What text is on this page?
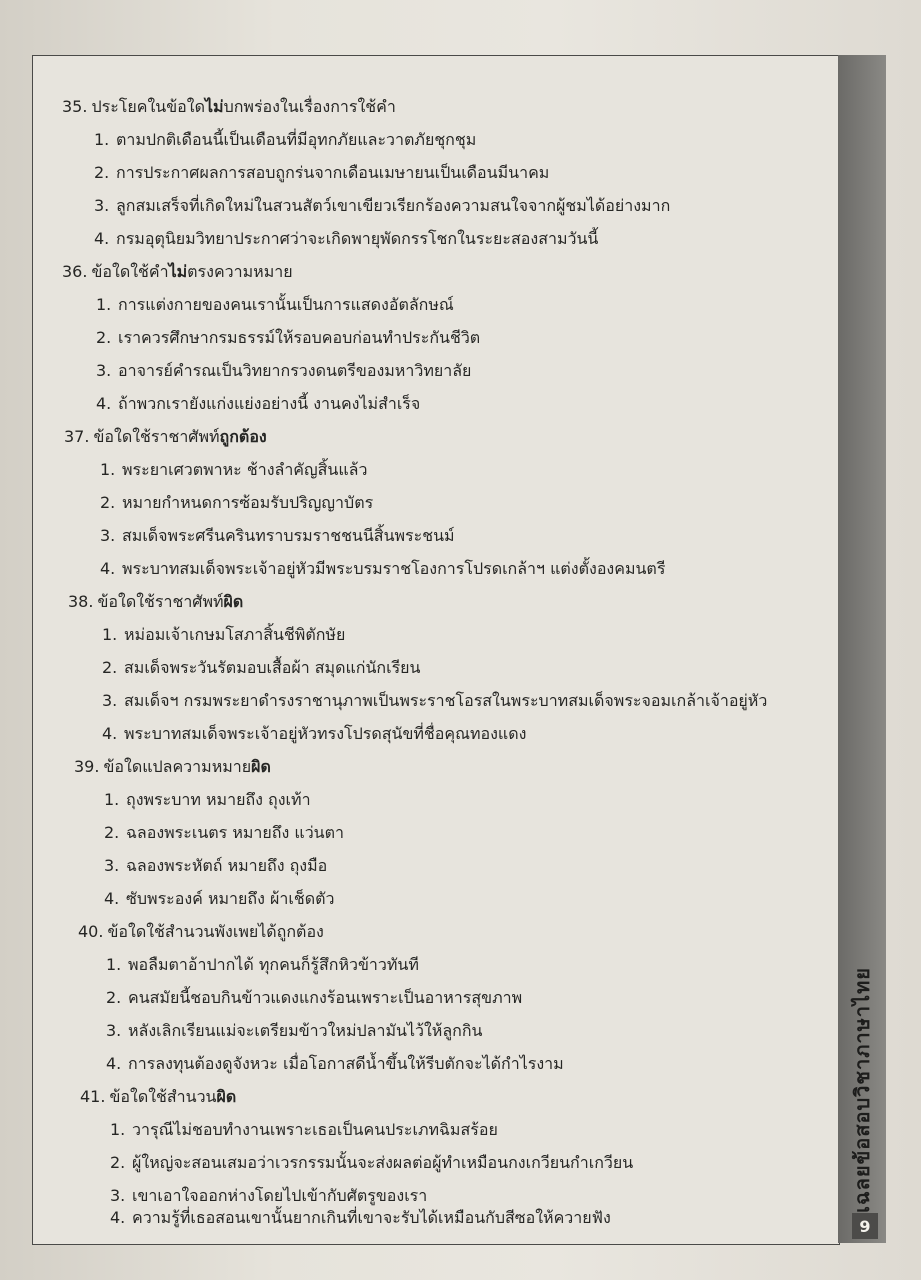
เฉลยข้อสอบวิชาภาษาไทย
9
35. ประโยคในข้อใดไม่บกพร่องในเรื่องการใช้คำ
1. ตามปกติเดือนนี้เป็นเดือนที่มีอุทกภัยและวาตภัยชุกชุม
2. การประกาศผลการสอบถูกร่นจากเดือนเมษายนเป็นเดือนมีนาคม
3. ลูกสมเสร็จที่เกิดใหม่ในสวนสัตว์เขาเขียวเรียกร้องความสนใจจากผู้ชมได้อย่างมาก
4. กรมอุตุนิยมวิทยาประกาศว่าจะเกิดพายุพัดกรรโชกในระยะสองสามวันนี้
36. ข้อใดใช้คำไม่ตรงความหมาย
1. การแต่งกายของคนเรานั้นเป็นการแสดงอัตลักษณ์
2. เราควรศึกษากรมธรรม์ให้รอบคอบก่อนทำประกันชีวิต
3. อาจารย์คำรณเป็นวิทยากรวงดนตรีของมหาวิทยาลัย
4. ถ้าพวกเรายังแก่งแย่งอย่างนี้ งานคงไม่สำเร็จ
37. ข้อใดใช้ราชาศัพท์ถูกต้อง
1. พระยาเศวตพาหะ ช้างลำคัญสิ้นแล้ว
2. หมายกำหนดการซ้อมรับปริญญาบัตร
3. สมเด็จพระศรีนครินทราบรมราชชนนีสิ้นพระชนม์
4. พระบาทสมเด็จพระเจ้าอยู่หัวมีพระบรมราชโองการโปรดเกล้าฯ แต่งตั้งองคมนตรี
38. ข้อใดใช้ราชาศัพท์ผิด
1. หม่อมเจ้าเกษมโสภาสิ้นชีพิตักษัย
2. สมเด็จพระวันรัตมอบเสื้อผ้า สมุดแก่นักเรียน
3. สมเด็จฯ กรมพระยาดำรงราชานุภาพเป็นพระราชโอรสในพระบาทสมเด็จพระจอมเกล้าเจ้าอยู่หัว
4. พระบาทสมเด็จพระเจ้าอยู่หัวทรงโปรดสุนัขที่ชื่อคุณทองแดง
39. ข้อใดแปลความหมายผิด
1. ถุงพระบาท หมายถึง ถุงเท้า
2. ฉลองพระเนตร หมายถึง แว่นตา
3. ฉลองพระหัตถ์ หมายถึง ถุงมือ
4. ซับพระองค์ หมายถึง ผ้าเช็ดตัว
40. ข้อใดใช้สำนวนพังเพยได้ถูกต้อง
1. พอลืมตาอ้าปากได้ ทุกคนก็รู้สึกหิวข้าวทันที
2. คนสมัยนี้ชอบกินข้าวแดงแกงร้อนเพราะเป็นอาหารสุขภาพ
3. หลังเลิกเรียนแม่จะเตรียมข้าวใหม่ปลามันไว้ให้ลูกกิน
4. การลงทุนต้องดูจังหวะ เมื่อโอกาสดีน้ำขึ้นให้รีบตักจะได้กำไรงาม
41. ข้อใดใช้สำนวนผิด
1. วารุณีไม่ชอบทำงานเพราะเธอเป็นคนประเภทฉิมสร้อย
2. ผู้ใหญ่จะสอนเสมอว่าเวรกรรมนั้นจะส่งผลต่อผู้ทำเหมือนกงเกวียนกำเกวียน
3. เขาเอาใจออกห่างโดยไปเข้ากับศัตรูของเรา
4. ความรู้ที่เธอสอนเขานั้นยากเกินที่เขาจะรับได้เหมือนกับสีซอให้ควายฟัง
